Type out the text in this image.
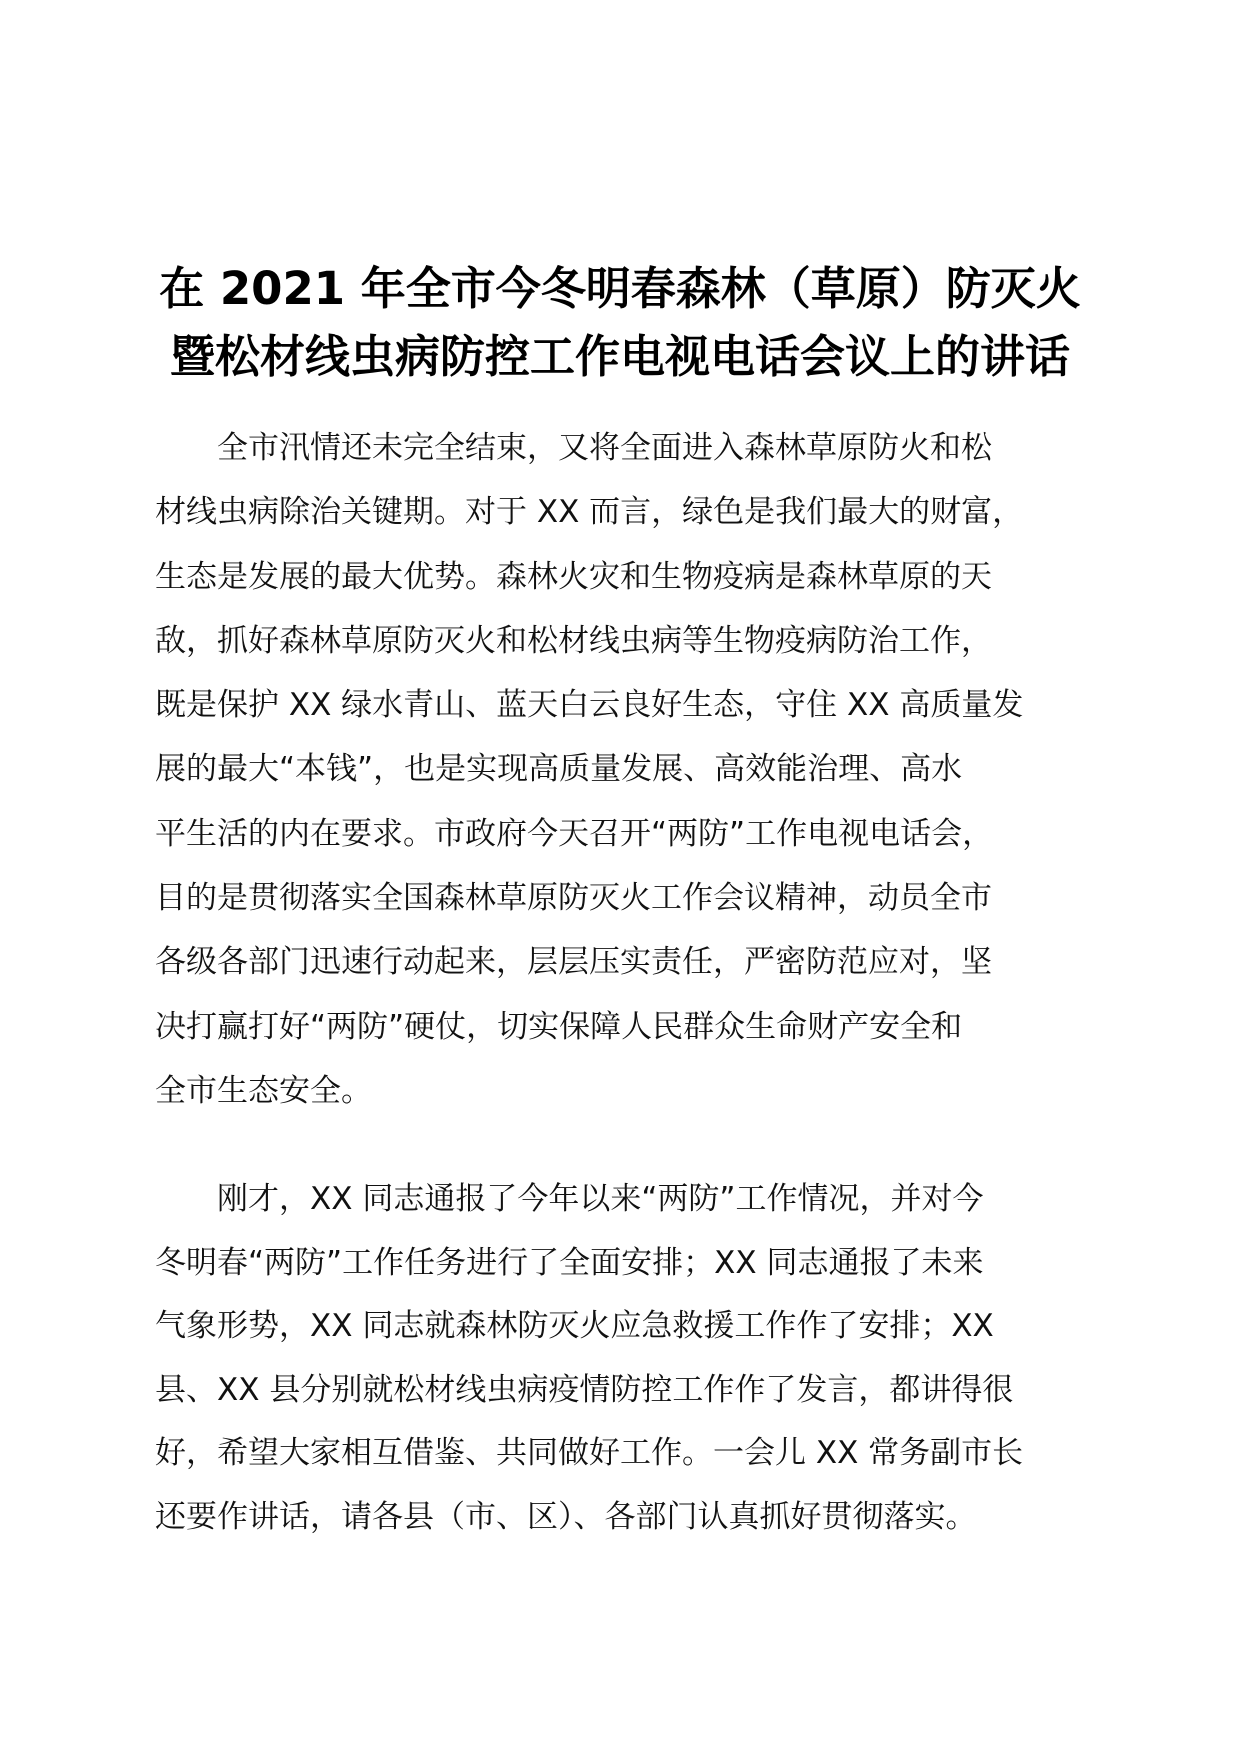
在 2021 年全市今冬明春森林（草原）防灭火
暨松材线虫病防控工作电视电话会议上的讲话

全市汛情还未完全结束，又将全面进入森林草原防火和松
材线虫病除治关键期。对于 XX 而言，绿色是我们最大的财富，
生态是发展的最大优势。森林火灾和生物疫病是森林草原的天
敌，抓好森林草原防灭火和松材线虫病等生物疫病防治工作，
既是保护 XX 绿水青山、蓝天白云良好生态，守住 XX 高质量发
展的最大“本钱”，也是实现高质量发展、高效能治理、高水
平生活的内在要求。市政府今天召开“两防”工作电视电话会，
目的是贯彻落实全国森林草原防灭火工作会议精神，动员全市
各级各部门迅速行动起来，层层压实责任，严密防范应对，坚
决打赢打好“两防”硬仗，切实保障人民群众生命财产安全和
全市生态安全。

刚才，XX 同志通报了今年以来“两防”工作情况，并对今
冬明春“两防”工作任务进行了全面安排；XX 同志通报了未来
气象形势，XX 同志就森林防灭火应急救援工作作了安排；XX
县、XX 县分别就松材线虫病疫情防控工作作了发言，都讲得很
好，希望大家相互借鉴、共同做好工作。一会儿 XX 常务副市长
还要作讲话，请各县（市、区）、各部门认真抓好贯彻落实。
